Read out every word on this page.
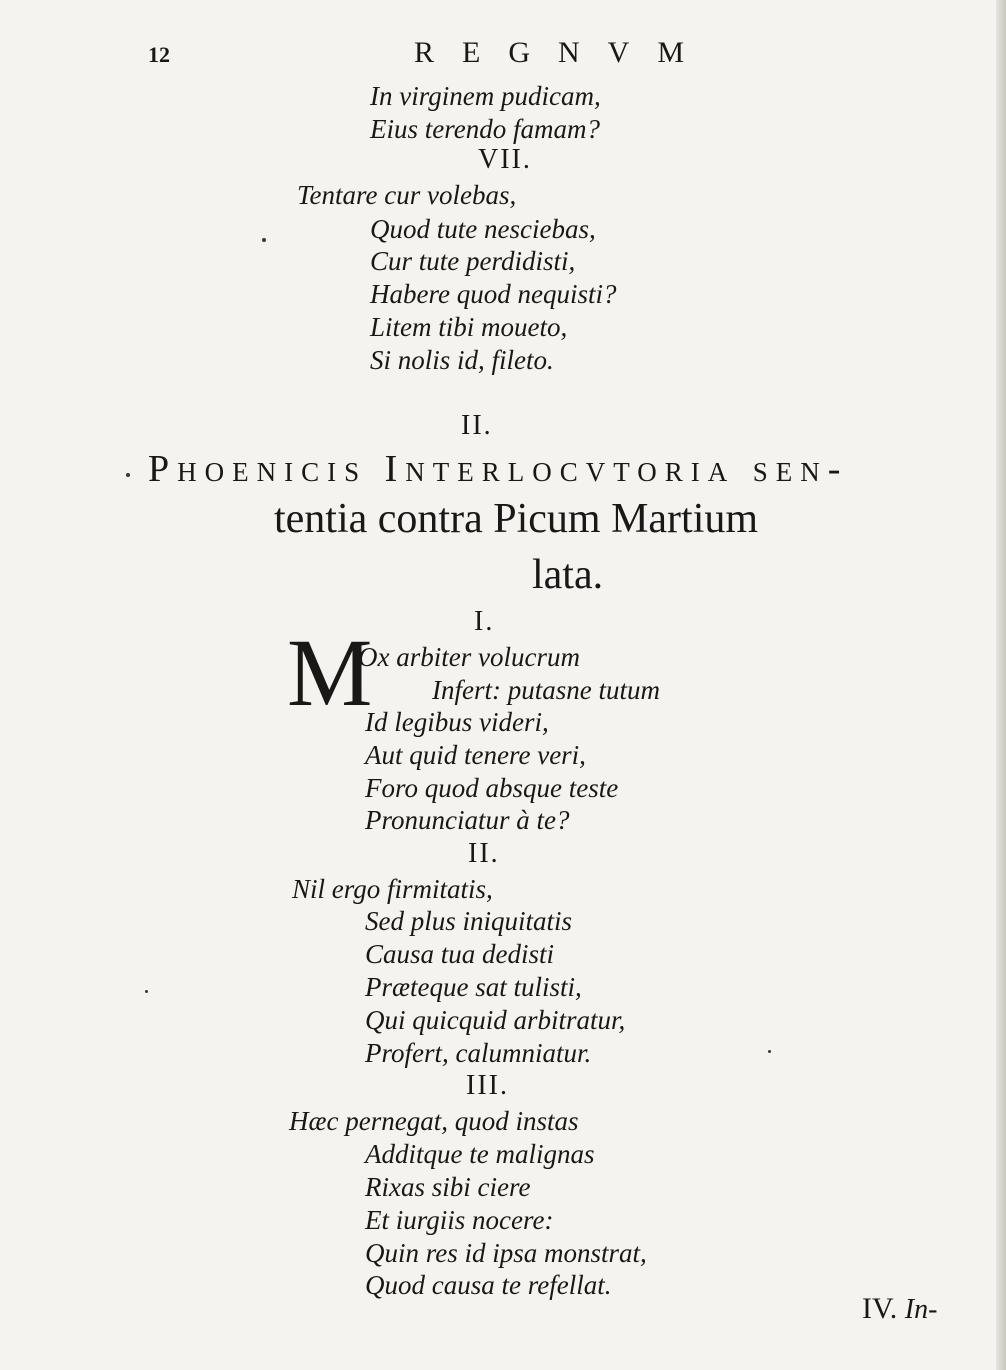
12	REGNVM
In virginem pudicam,
Eius terendo famam?
VII.
Tentare cur volebas,
Quod tute nesciebas,
Cur tute perdidisti,
Habere quod nequisti?
Litem tibi moueto,
Si nolis id, fileto.
II.
Phoenicis Interlocvtoria sen-
tentia contra Picum Martium
lata.
I.
M
Ox arbiter volucrum
Infert: putasne tutum
Id legibus videri,
Aut quid tenere veri,
Foro quod absque teste
Pronunciatur à te?
II.
Nil ergo firmitatis,
Sed plus iniquitatis
Causa tua dedisti
Præteque sat tulisti,
Qui quicquid arbitratur,
Profert, calumniatur.
III.
Hæc pernegat, quod instas
Additque te malignas
Rixas sibi ciere
Et iurgiis nocere:
Quin res id ipsa monstrat,
Quod causa te refellat.
IV. In-
